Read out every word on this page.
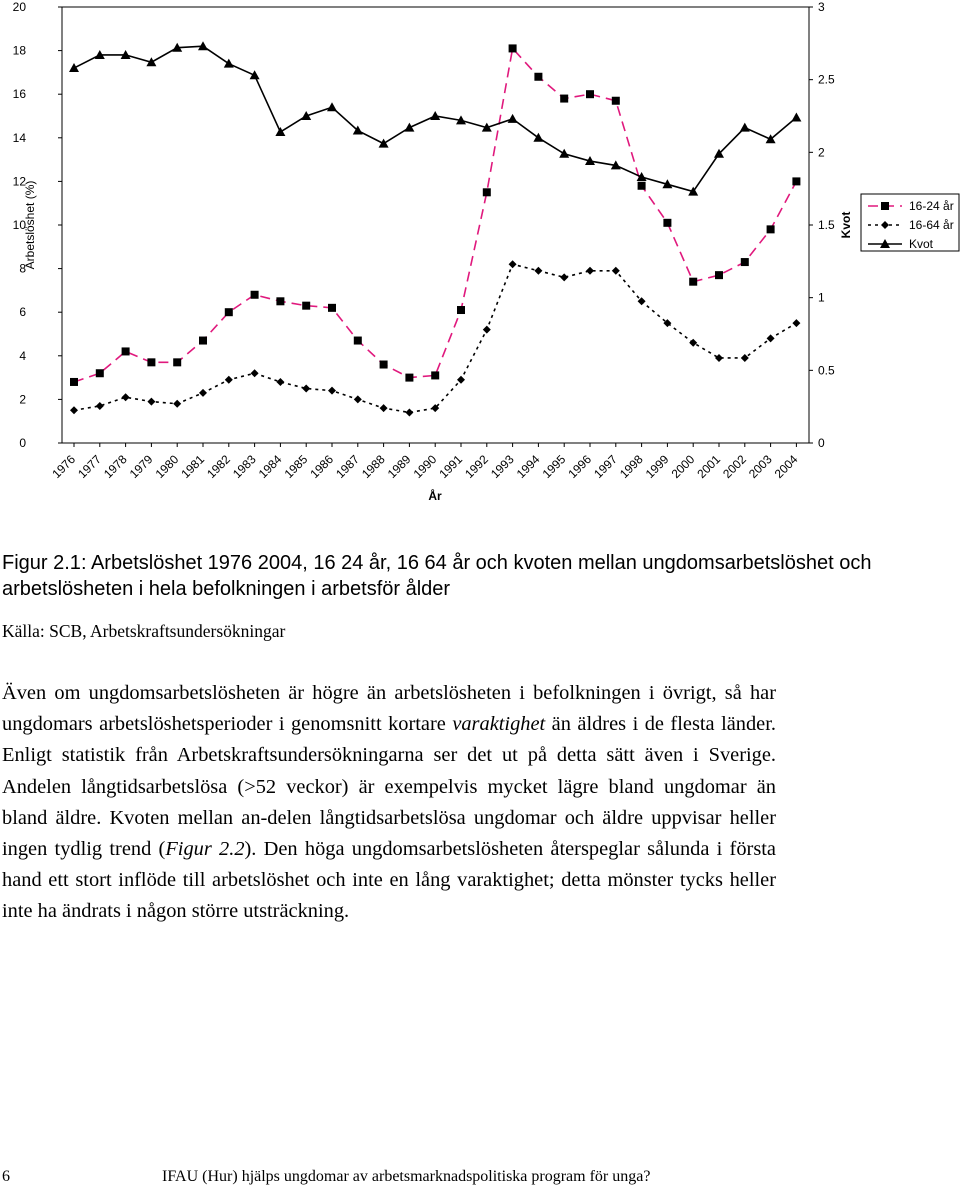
0
2
4
6
8
10
12
14
16
18
20
0
0.5
1
1.5
2
2.5
3
1976
1977
1978
1979
1980
1981
1982
1983
1984
1985
1986
1987
1988
1989
1990
1991
1992
1993
1994
1995
1996
1997
1998
1999
2000
2001
2002
2003
2004
Arbetslöshet (%)	Kvot
År
16-24 år
16-64 år
Kvot
Figur 2.1: Arbetslöshet 1976 2004, 16 24 år, 16 64 år och kvoten mellan ungdomsarbetslöshet och arbetslösheten i hela befolkningen i arbetsför ålder
Källa: SCB, Arbetskraftsundersökningar

Även om ungdomsarbetslösheten är högre än arbetslösheten i befolkningen i övrigt, så har ungdomars arbetslöshetsperioder i genomsnitt kortare varaktighet än äldres i de flesta länder. Enligt statistik från Arbetskraftsundersökningarna ser det ut på detta sätt även i Sverige. Andelen långtidsarbetslösa (>52 veckor) är exempelvis mycket lägre bland ungdomar än bland äldre. Kvoten mellan an-delen långtidsarbetslösa ungdomar och äldre uppvisar heller ingen tydlig trend (Figur 2.2). Den höga ungdomsarbetslösheten återspeglar sålunda i första hand ett stort inflöde till arbetslöshet och inte en lång varaktighet; detta mönster tycks heller inte ha ändrats i någon större utsträckning.

6	IFAU (Hur) hjälps ungdomar av arbetsmarknadspolitiska program för unga?
